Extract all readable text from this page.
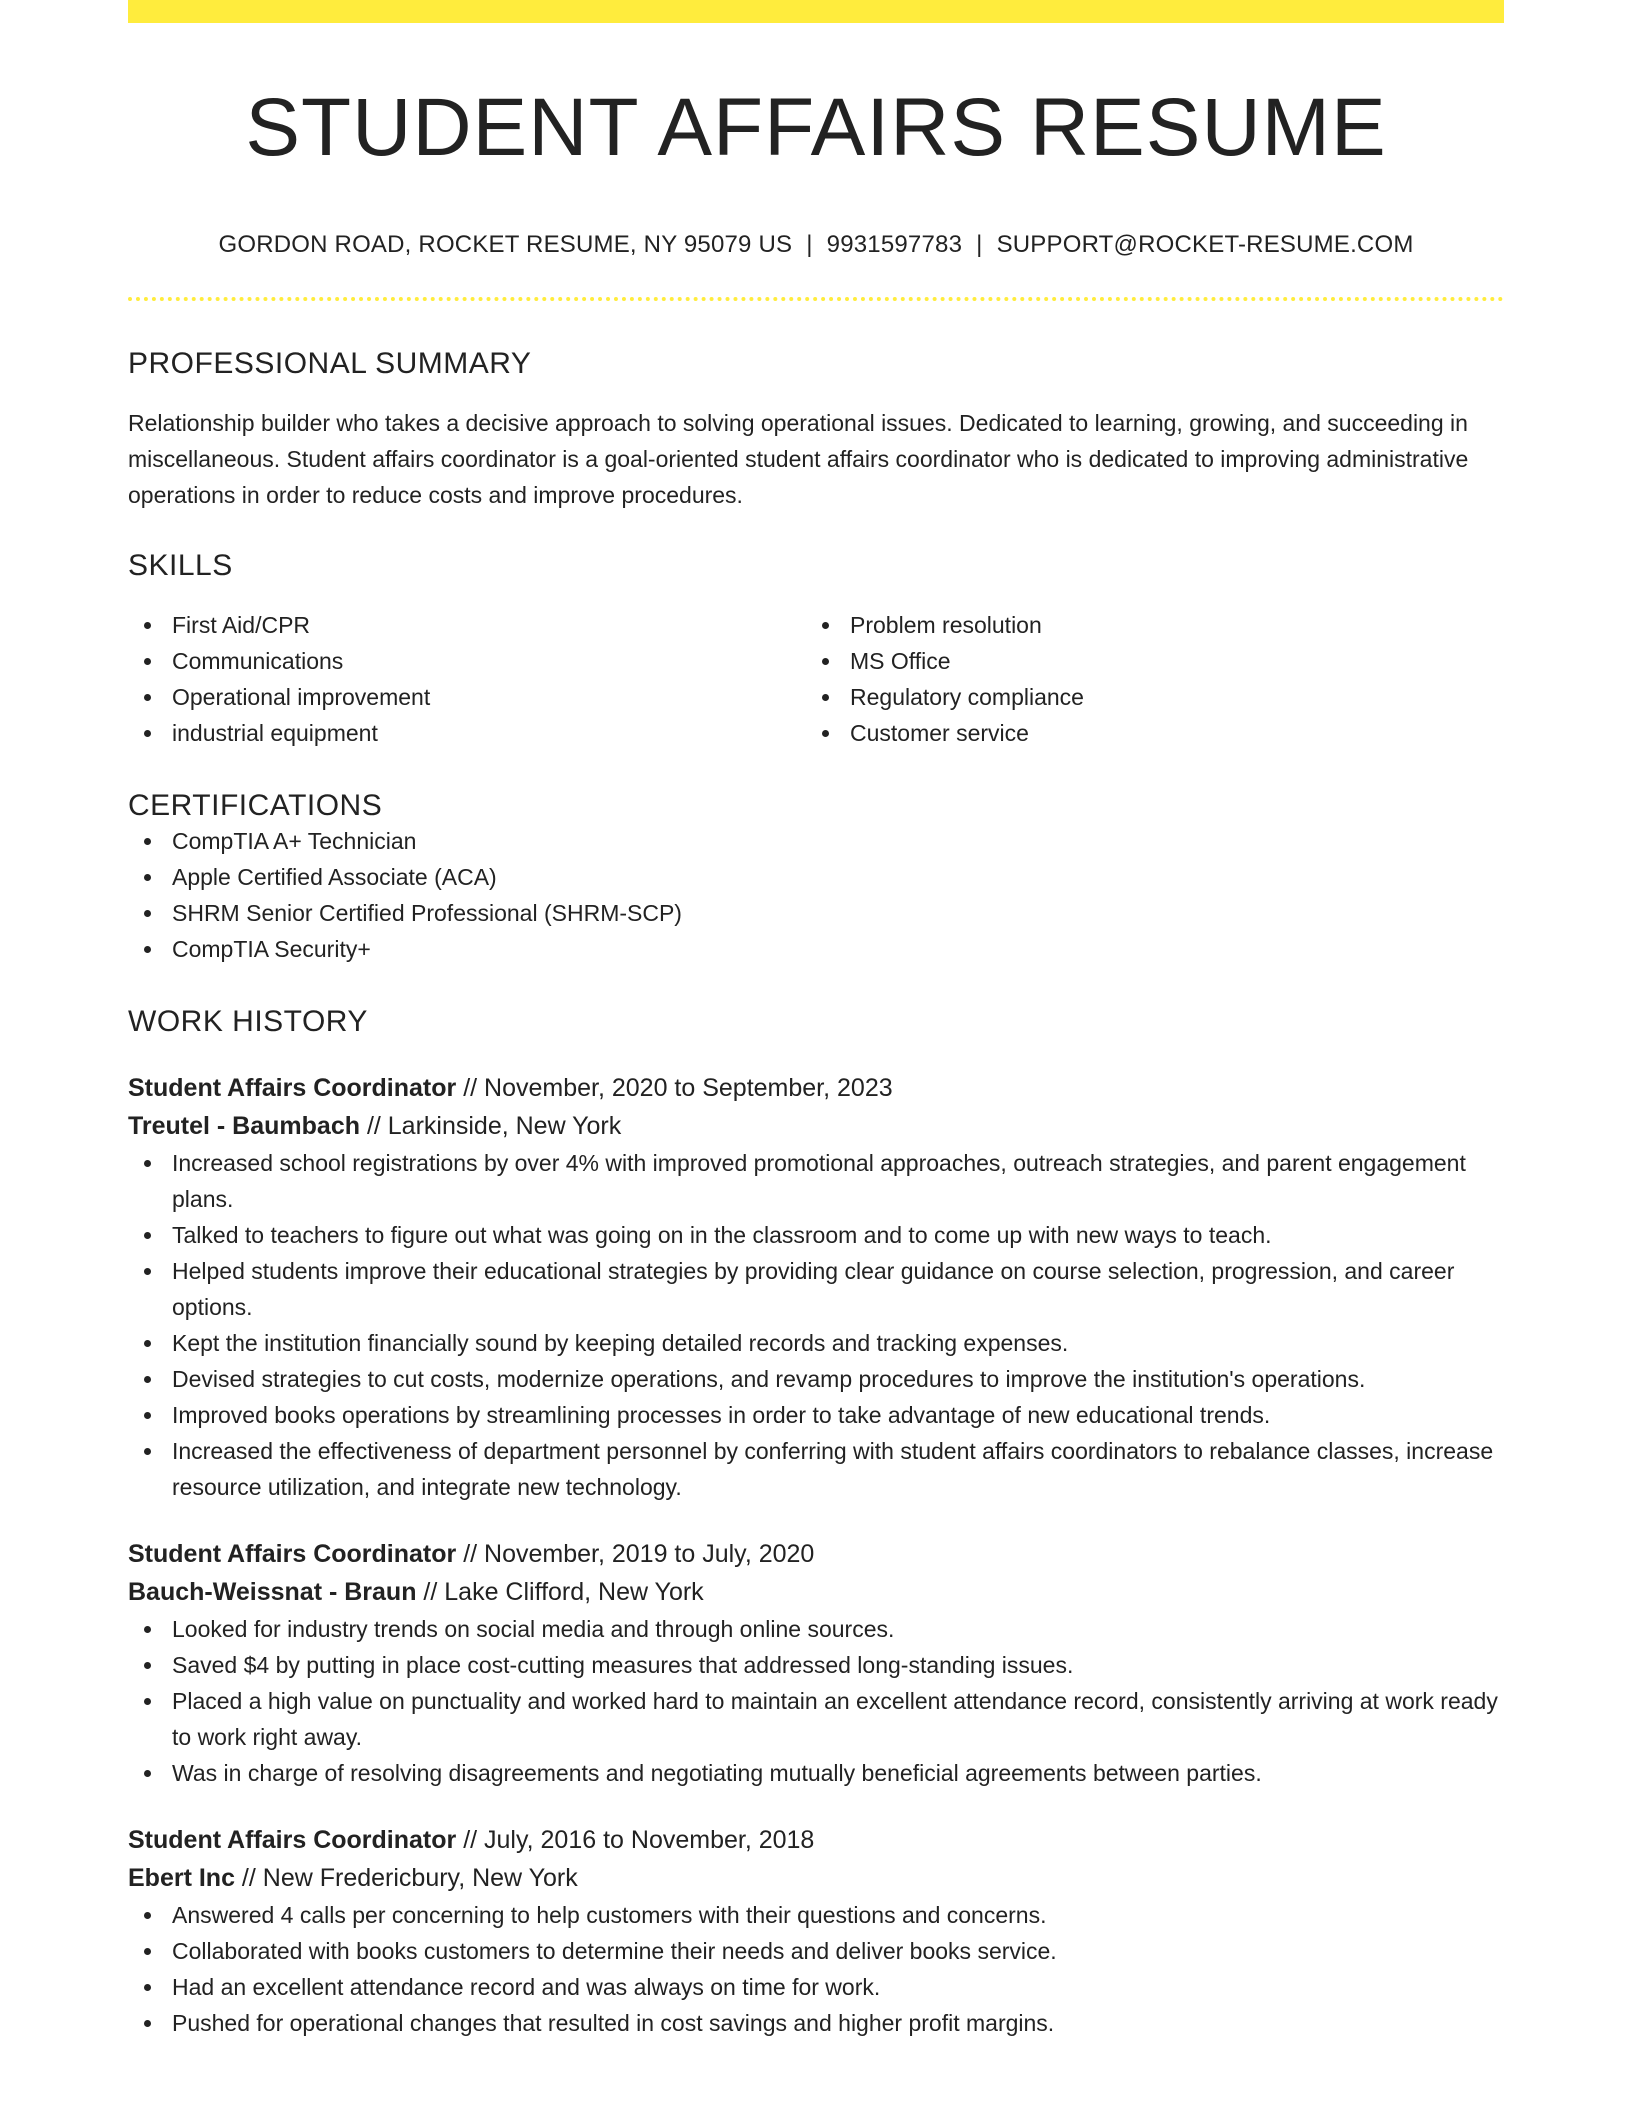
STUDENT AFFAIRS RESUME
GORDON ROAD, ROCKET RESUME, NY 95079 US | 9931597783 | SUPPORT@ROCKET-RESUME.COM
PROFESSIONAL SUMMARY
Relationship builder who takes a decisive approach to solving operational issues. Dedicated to learning, growing, and succeeding in miscellaneous. Student affairs coordinator is a goal-oriented student affairs coordinator who is dedicated to improving administrative operations in order to reduce costs and improve procedures.
SKILLS
First Aid/CPR
Communications
Operational improvement
industrial equipment
Problem resolution
MS Office
Regulatory compliance
Customer service
CERTIFICATIONS
CompTIA A+ Technician
Apple Certified Associate (ACA)
SHRM Senior Certified Professional (SHRM-SCP)
CompTIA Security+
WORK HISTORY
Student Affairs Coordinator // November, 2020 to September, 2023
Treutel - Baumbach // Larkinside, New York
Increased school registrations by over 4% with improved promotional approaches, outreach strategies, and parent engagement plans.
Talked to teachers to figure out what was going on in the classroom and to come up with new ways to teach.
Helped students improve their educational strategies by providing clear guidance on course selection, progression, and career options.
Kept the institution financially sound by keeping detailed records and tracking expenses.
Devised strategies to cut costs, modernize operations, and revamp procedures to improve the institution's operations.
Improved books operations by streamlining processes in order to take advantage of new educational trends.
Increased the effectiveness of department personnel by conferring with student affairs coordinators to rebalance classes, increase resource utilization, and integrate new technology.
Student Affairs Coordinator // November, 2019 to July, 2020
Bauch-Weissnat - Braun // Lake Clifford, New York
Looked for industry trends on social media and through online sources.
Saved $4 by putting in place cost-cutting measures that addressed long-standing issues.
Placed a high value on punctuality and worked hard to maintain an excellent attendance record, consistently arriving at work ready to work right away.
Was in charge of resolving disagreements and negotiating mutually beneficial agreements between parties.
Student Affairs Coordinator // July, 2016 to November, 2018
Ebert Inc // New Fredericbury, New York
Answered 4 calls per concerning to help customers with their questions and concerns.
Collaborated with books customers to determine their needs and deliver books service.
Had an excellent attendance record and was always on time for work.
Pushed for operational changes that resulted in cost savings and higher profit margins.
